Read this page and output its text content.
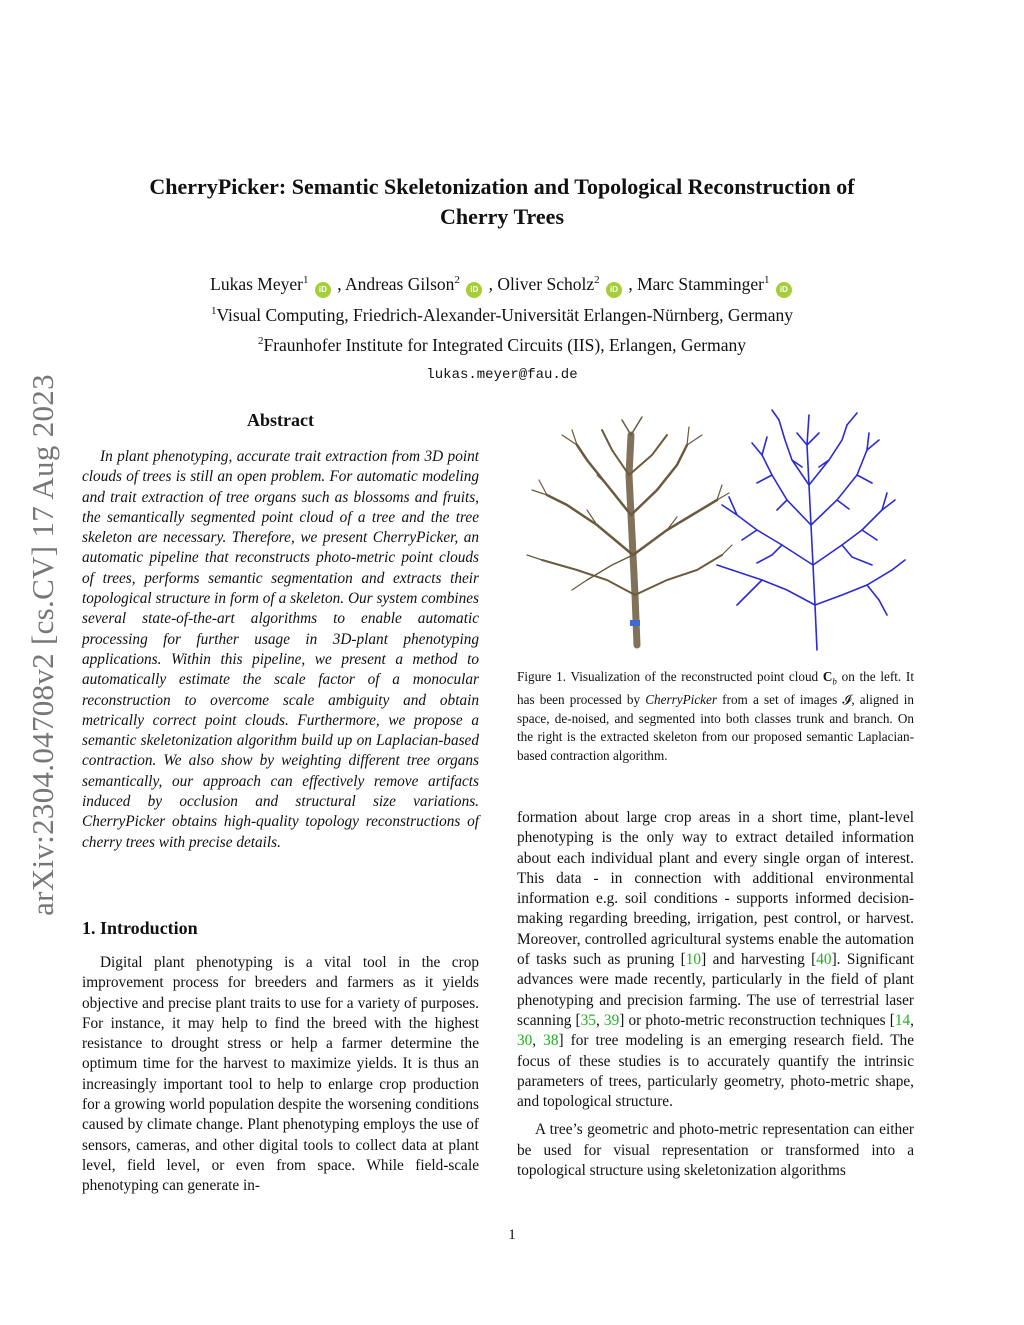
arXiv:2304.04708v2 [cs.CV] 17 Aug 2023
CherryPicker: Semantic Skeletonization and Topological Reconstruction of
Cherry Trees
Lukas Meyer$^1$ iD , Andreas Gilson$^2$ iD , Oliver Scholz$^2$ iD , Marc Stamminger$^1$ iD
$^1$Visual Computing, Friedrich-Alexander-Universität Erlangen-Nürnberg, Germany
$^2$Fraunhofer Institute for Integrated Circuits (IIS), Erlangen, Germany
lukas.meyer@fau.de
Abstract

In plant phenotyping, accurate trait extraction from 3D point clouds of trees is still an open problem. For automatic modeling and trait extraction of tree organs such as blossoms and fruits, the semantically segmented point cloud of a tree and the tree skeleton are necessary. Therefore, we present CherryPicker, an automatic pipeline that reconstructs photo-metric point clouds of trees, performs semantic segmentation and extracts their topological structure in form of a skeleton. Our system combines several state-of-the-art algorithms to enable automatic processing for further usage in 3D-plant phenotyping applications. Within this pipeline, we present a method to automatically estimate the scale factor of a monocular reconstruction to overcome scale ambiguity and obtain metrically correct point clouds. Furthermore, we propose a semantic skeletonization algorithm build up on Laplacian-based contraction. We also show by weighting different tree organs semantically, our approach can effectively remove artifacts induced by occlusion and structural size variations. CherryPicker obtains high-quality topology reconstructions of cherry trees with precise details.

1. Introduction

Digital plant phenotyping is a vital tool in the crop improvement process for breeders and farmers as it yields objective and precise plant traits to use for a variety of purposes. For instance, it may help to find the breed with the highest resistance to drought stress or help a farmer determine the optimum time for the harvest to maximize yields. It is thus an increasingly important tool to help to enlarge crop production for a growing world population despite the worsening conditions caused by climate change. Plant phenotyping employs the use of sensors, cameras, and other digital tools to collect data at plant level, field level, or even from space. While field-scale phenotyping can generate in-

Figure 1. Visualization of the reconstructed point cloud $C_b$ on the left. It has been processed by CherryPicker from a set of images 𝓘, aligned in space, de-noised, and segmented into both classes trunk and branch. On the right is the extracted skeleton from our proposed semantic Laplacian-based contraction algorithm.

formation about large crop areas in a short time, plant-level phenotyping is the only way to extract detailed information about each individual plant and every single organ of interest. This data - in connection with additional environmental information e.g. soil conditions - supports informed decision-making regarding breeding, irrigation, pest control, or harvest. Moreover, controlled agricultural systems enable the automation of tasks such as pruning [10] and harvesting [40]. Significant advances were made recently, particularly in the field of plant phenotyping and precision farming. The use of terrestrial laser scanning [35, 39] or photo-metric reconstruction techniques [14, 30, 38] for tree modeling is an emerging research field. The focus of these studies is to accurately quantify the intrinsic parameters of trees, particularly geometry, photo-metric shape, and topological structure.

A tree’s geometric and photo-metric representation can either be used for visual representation or transformed into a topological structure using skeletonization algorithms

1
